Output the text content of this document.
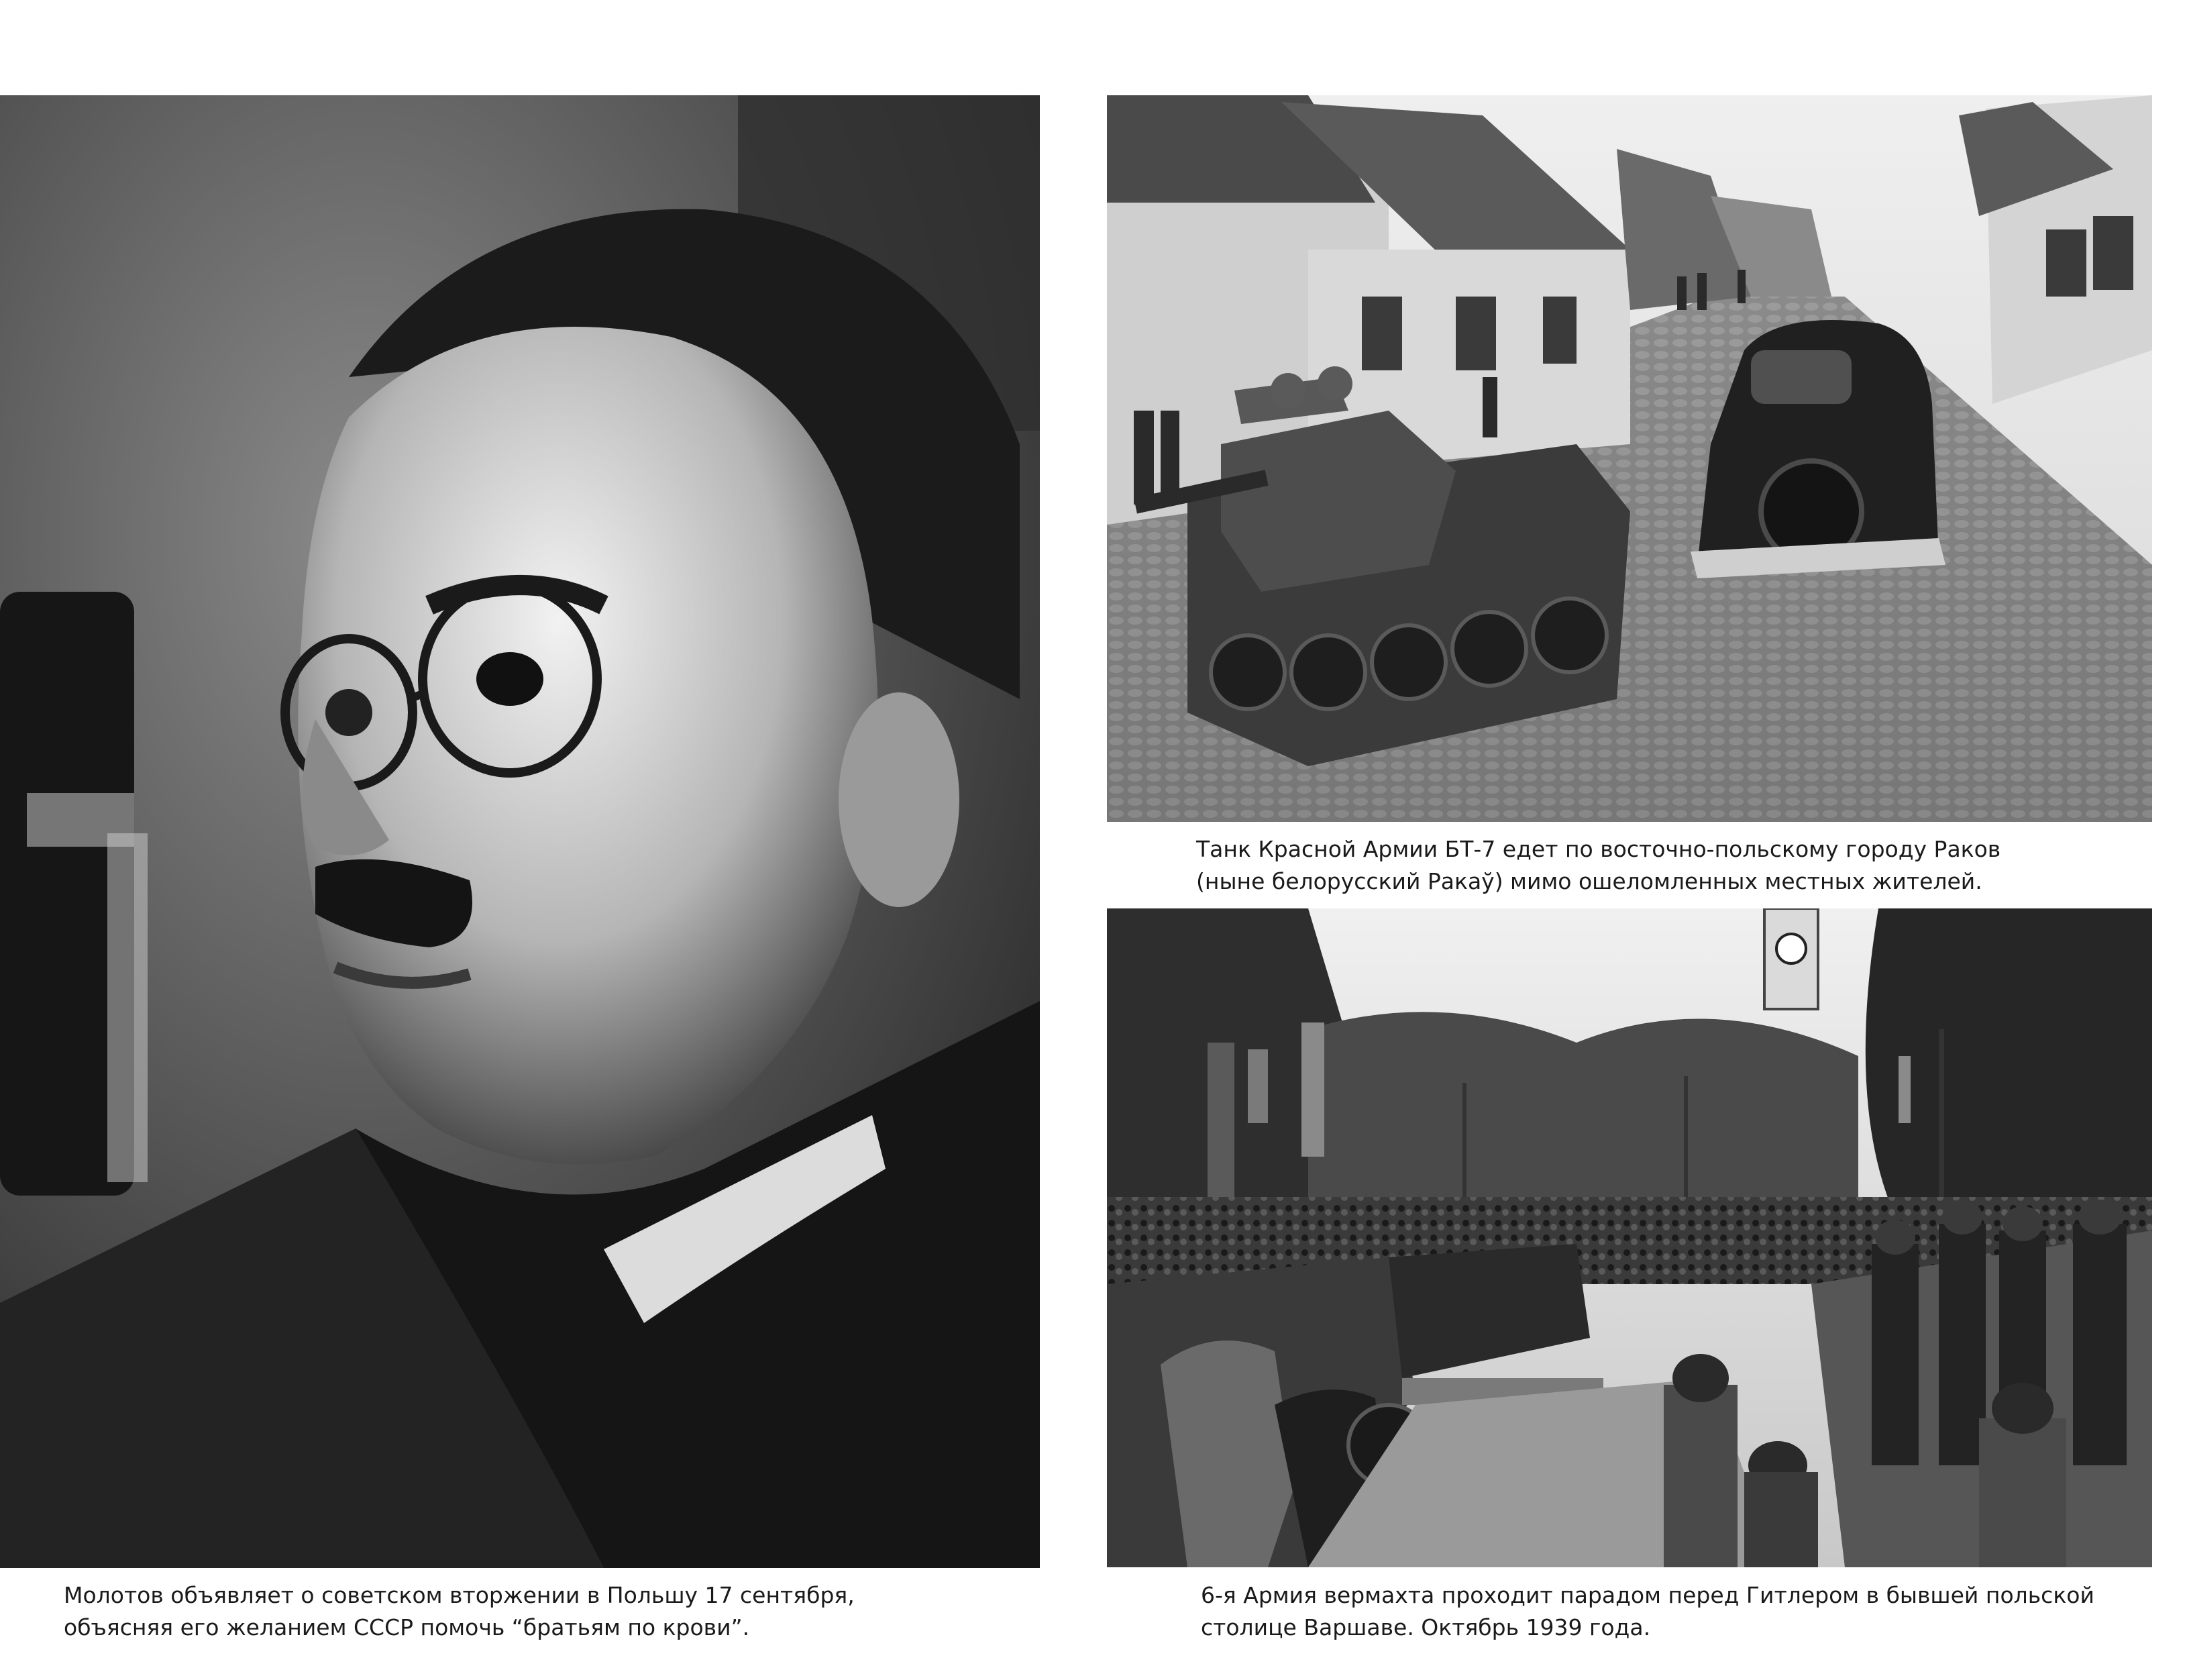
Танк Красной Армии БТ-7 едет по восточно-польскому городу Раков
(ныне белорусский Ракаў) мимо ошеломленных местных жителей.
Молотов объявляет о советском вторжении в Польшу 17 сентября,
объясняя его желанием СССР помочь “братьям по крови”.
6-я Армия вермахта проходит парадом перед Гитлером в бывшей польской
столице Варшаве. Октябрь 1939 года.
